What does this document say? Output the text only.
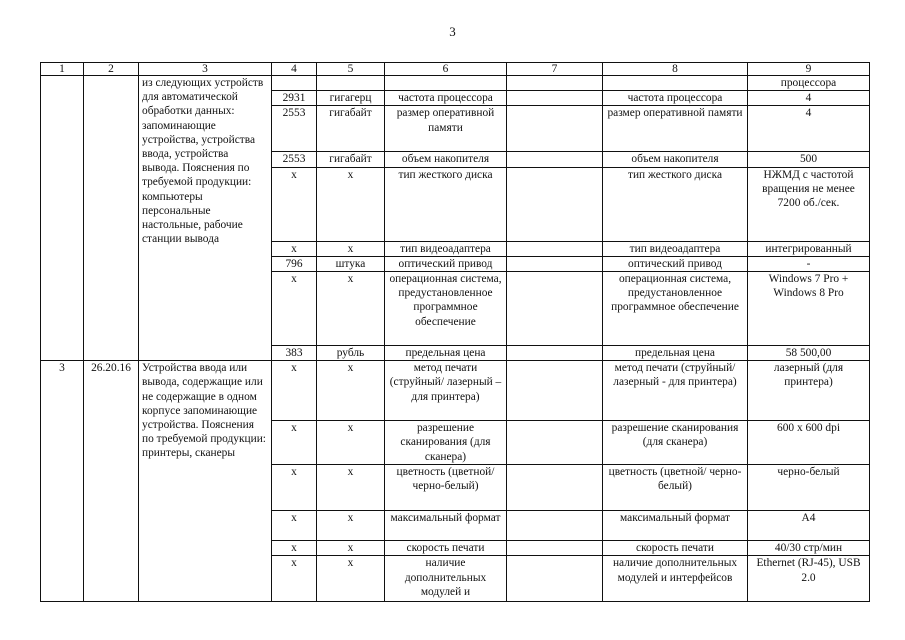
3
1	2	3	4	5	6	7	8	9
		из следующих устройств для автоматической обработки данных: запоминающие устройства, устройства ввода, устройства вывода. Пояснения по требуемой продукции: компьютеры персональные настольные, рабочие станции вывода						процессора
			2931	гигагерц	частота процессора		частота процессора	4
			2553	гигабайт	размер оперативной памяти		размер оперативной памяти	4
			2553	гигабайт	объем накопителя		объем накопителя	500
			x	x	тип жесткого диска		тип жесткого диска	НЖМД с частотой вращения не менее 7200 об./сек.
			x	x	тип видеоадаптера		тип видеоадаптера	интегрированный
			796	штука	оптический привод		оптический привод	-
			x	x	операционная система, предустановленное программное обеспечение		операционная система, предустановленное программное обеспечение	Windows 7 Pro + Windows 8 Pro
			383	рубль	предельная цена		предельная цена	58 500,00
3	26.20.16	Устройства ввода или вывода, содержащие или не содержащие в одном корпусе запоминающие устройства. Пояснения по требуемой продукции: принтеры, сканеры	x	x	метод печати (струйный/ лазерный – для принтера)		метод печати (струйный/лазерный - для принтера)	лазерный (для принтера)
			x	x	разрешение сканирования (для сканера)		разрешение сканирования (для сканера)	600 x 600 dpi
			x	x	цветность (цветной/ черно-белый)		цветность (цветной/ черно-белый)	черно-белый
			x	x	максимальный формат		максимальный формат	А4
			x	x	скорость печати		скорость печати	40/30 стр/мин
			x	x	наличие дополнительных модулей и		наличие дополнительных модулей и интерфейсов	Ethernet (RJ-45), USB 2.0
